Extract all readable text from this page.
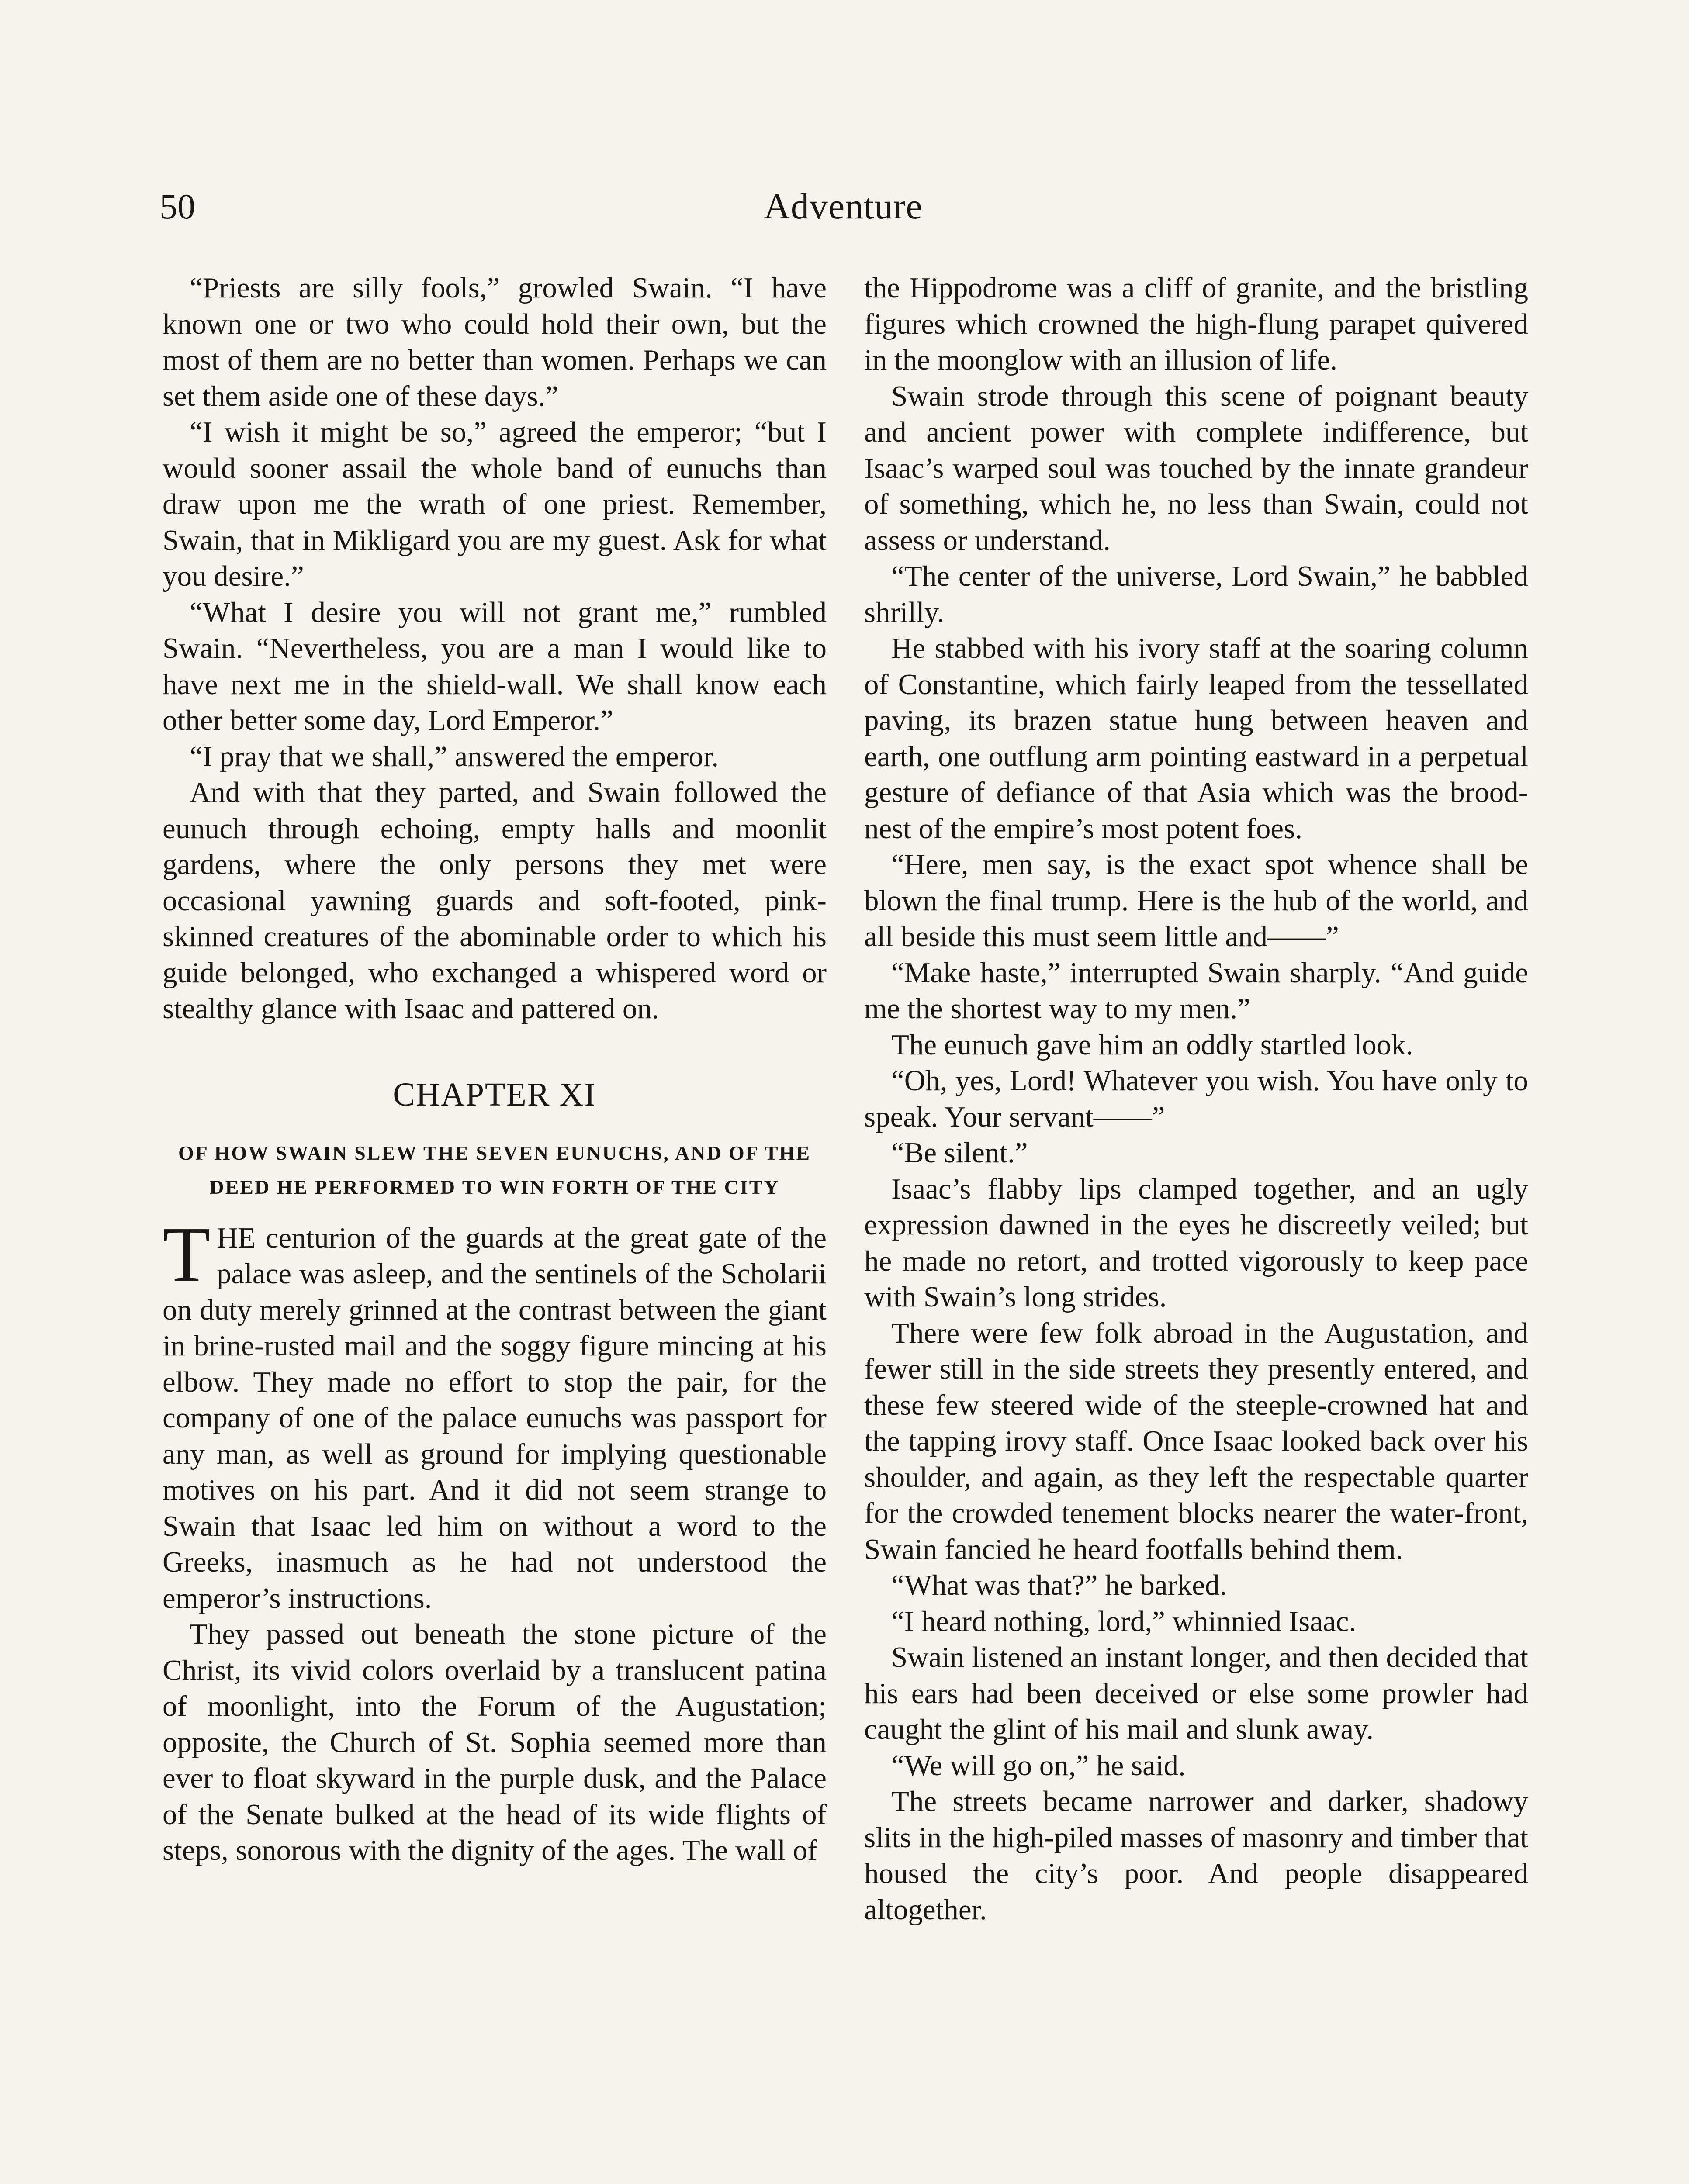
50	Adventure

“Priests are silly fools,” growled Swain. “I have known one or two who could hold their own, but the most of them are no better than women. Perhaps we can set them aside one of these days.”

“I wish it might be so,” agreed the emperor; “but I would sooner assail the whole band of eunuchs than draw upon me the wrath of one priest. Remember, Swain, that in Mikligard you are my guest. Ask for what you desire.”

“What I desire you will not grant me,” rumbled Swain. “Nevertheless, you are a man I would like to have next me in the shield-wall. We shall know each other better some day, Lord Emperor.”

“I pray that we shall,” answered the emperor.

And with that they parted, and Swain followed the eunuch through echoing, empty halls and moonlit gardens, where the only persons they met were occasional yawning guards and soft-footed, pink-skinned creatures of the abominable order to which his guide belonged, who exchanged a whispered word or stealthy glance with Isaac and pattered on.

CHAPTER XI
OF HOW SWAIN SLEW THE SEVEN EUNUCHS, AND OF THE DEED HE PERFORMED TO WIN FORTH OF THE CITY

THE centurion of the guards at the great gate of the palace was asleep, and the sentinels of the Scholarii on duty merely grinned at the contrast between the giant in brine-rusted mail and the soggy figure mincing at his elbow. They made no effort to stop the pair, for the company of one of the palace eunuchs was passport for any man, as well as ground for implying questionable motives on his part. And it did not seem strange to Swain that Isaac led him on without a word to the Greeks, inasmuch as he had not understood the emperor’s instructions.

They passed out beneath the stone picture of the Christ, its vivid colors overlaid by a translucent patina of moonlight, into the Forum of the Augustation; opposite, the Church of St. Sophia seemed more than ever to float skyward in the purple dusk, and the Palace of the Senate bulked at the head of its wide flights of steps, sonorous with the dignity of the ages. The wall of

the Hippodrome was a cliff of granite, and the bristling figures which crowned the high-flung parapet quivered in the moonglow with an illusion of life.

Swain strode through this scene of poignant beauty and ancient power with complete indifference, but Isaac’s warped soul was touched by the innate grandeur of something, which he, no less than Swain, could not assess or understand.

“The center of the universe, Lord Swain,” he babbled shrilly.

He stabbed with his ivory staff at the soaring column of Constantine, which fairly leaped from the tessellated paving, its brazen statue hung between heaven and earth, one outflung arm pointing eastward in a perpetual gesture of defiance of that Asia which was the brood-nest of the empire’s most potent foes.

“Here, men say, is the exact spot whence shall be blown the final trump. Here is the hub of the world, and all beside this must seem little and——”

“Make haste,” interrupted Swain sharply. “And guide me the shortest way to my men.”

The eunuch gave him an oddly startled look.

“Oh, yes, Lord! Whatever you wish. You have only to speak. Your servant——”

“Be silent.”

Isaac’s flabby lips clamped together, and an ugly expression dawned in the eyes he discreetly veiled; but he made no retort, and trotted vigorously to keep pace with Swain’s long strides.

There were few folk abroad in the Augustation, and fewer still in the side streets they presently entered, and these few steered wide of the steeple-crowned hat and the tapping irovy staff. Once Isaac looked back over his shoulder, and again, as they left the respectable quarter for the crowded tenement blocks nearer the water-front, Swain fancied he heard footfalls behind them.

“What was that?” he barked.

“I heard nothing, lord,” whinnied Isaac.

Swain listened an instant longer, and then decided that his ears had been deceived or else some prowler had caught the glint of his mail and slunk away.

“We will go on,” he said.

The streets became narrower and darker, shadowy slits in the high-piled masses of masonry and timber that housed the city’s poor. And people disappeared altogether.
